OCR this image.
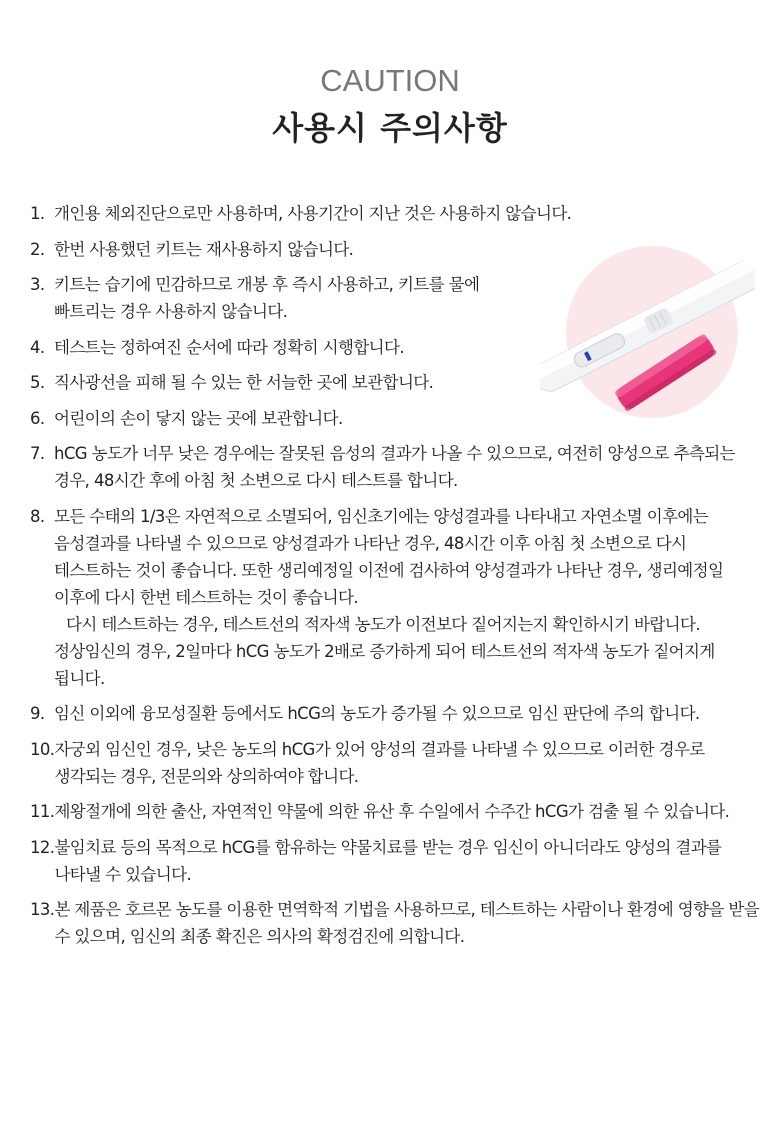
CAUTION
사용시 주의사항
1. 개인용 체외진단으로만 사용하며, 사용기간이 지난 것은 사용하지 않습니다.
2. 한번 사용했던 키트는 재사용하지 않습니다.
3. 키트는 습기에 민감하므로 개봉 후 즉시 사용하고, 키트를 물에 빠트리는 경우 사용하지 않습니다.
4. 테스트는 정하여진 순서에 따라 정확히 시행합니다.
5. 직사광선을 피해 될 수 있는 한 서늘한 곳에 보관합니다.
6. 어린이의 손이 닿지 않는 곳에 보관합니다.
7. hCG 농도가 너무 낮은 경우에는 잘못된 음성의 결과가 나올 수 있으므로, 여전히 양성으로 추측되는 경우, 48시간 후에 아침 첫 소변으로 다시 테스트를 합니다.
8. 모든 수태의 1/3은 자연적으로 소멸되어, 임신초기에는 양성결과를 나타내고 자연소멸 이후에는 음성결과를 나타낼 수 있으므로 양성결과가 나타난 경우, 48시간 이후 아침 첫 소변으로 다시 테스트하는 것이 좋습니다. 또한 생리예정일 이전에 검사하여 양성결과가 나타난 경우, 생리예정일 이후에 다시 한번 테스트하는 것이 좋습니다.
다시 테스트하는 경우, 테스트선의 적자색 농도가 이전보다 짙어지는지 확인하시기 바랍니다. 정상임신의 경우, 2일마다 hCG 농도가 2배로 증가하게 되어 테스트선의 적자색 농도가 짙어지게 됩니다.
9. 임신 이외에 융모성질환 등에서도 hCG의 농도가 증가될 수 있으므로 임신 판단에 주의 합니다.
10. 자궁외 임신인 경우, 낮은 농도의 hCG가 있어 양성의 결과를 나타낼 수 있으므로 이러한 경우로 생각되는 경우, 전문의와 상의하여야 합니다.
11. 제왕절개에 의한 출산, 자연적인 약물에 의한 유산 후 수일에서 수주간 hCG가 검출 될 수 있습니다.
12. 불임치료 등의 목적으로 hCG를 함유하는 약물치료를 받는 경우 임신이 아니더라도 양성의 결과를 나타낼 수 있습니다.
13. 본 제품은 호르몬 농도를 이용한 면역학적 기법을 사용하므로, 테스트하는 사람이나 환경에 영향을 받을 수 있으며, 임신의 최종 확진은 의사의 확정검진에 의합니다.
